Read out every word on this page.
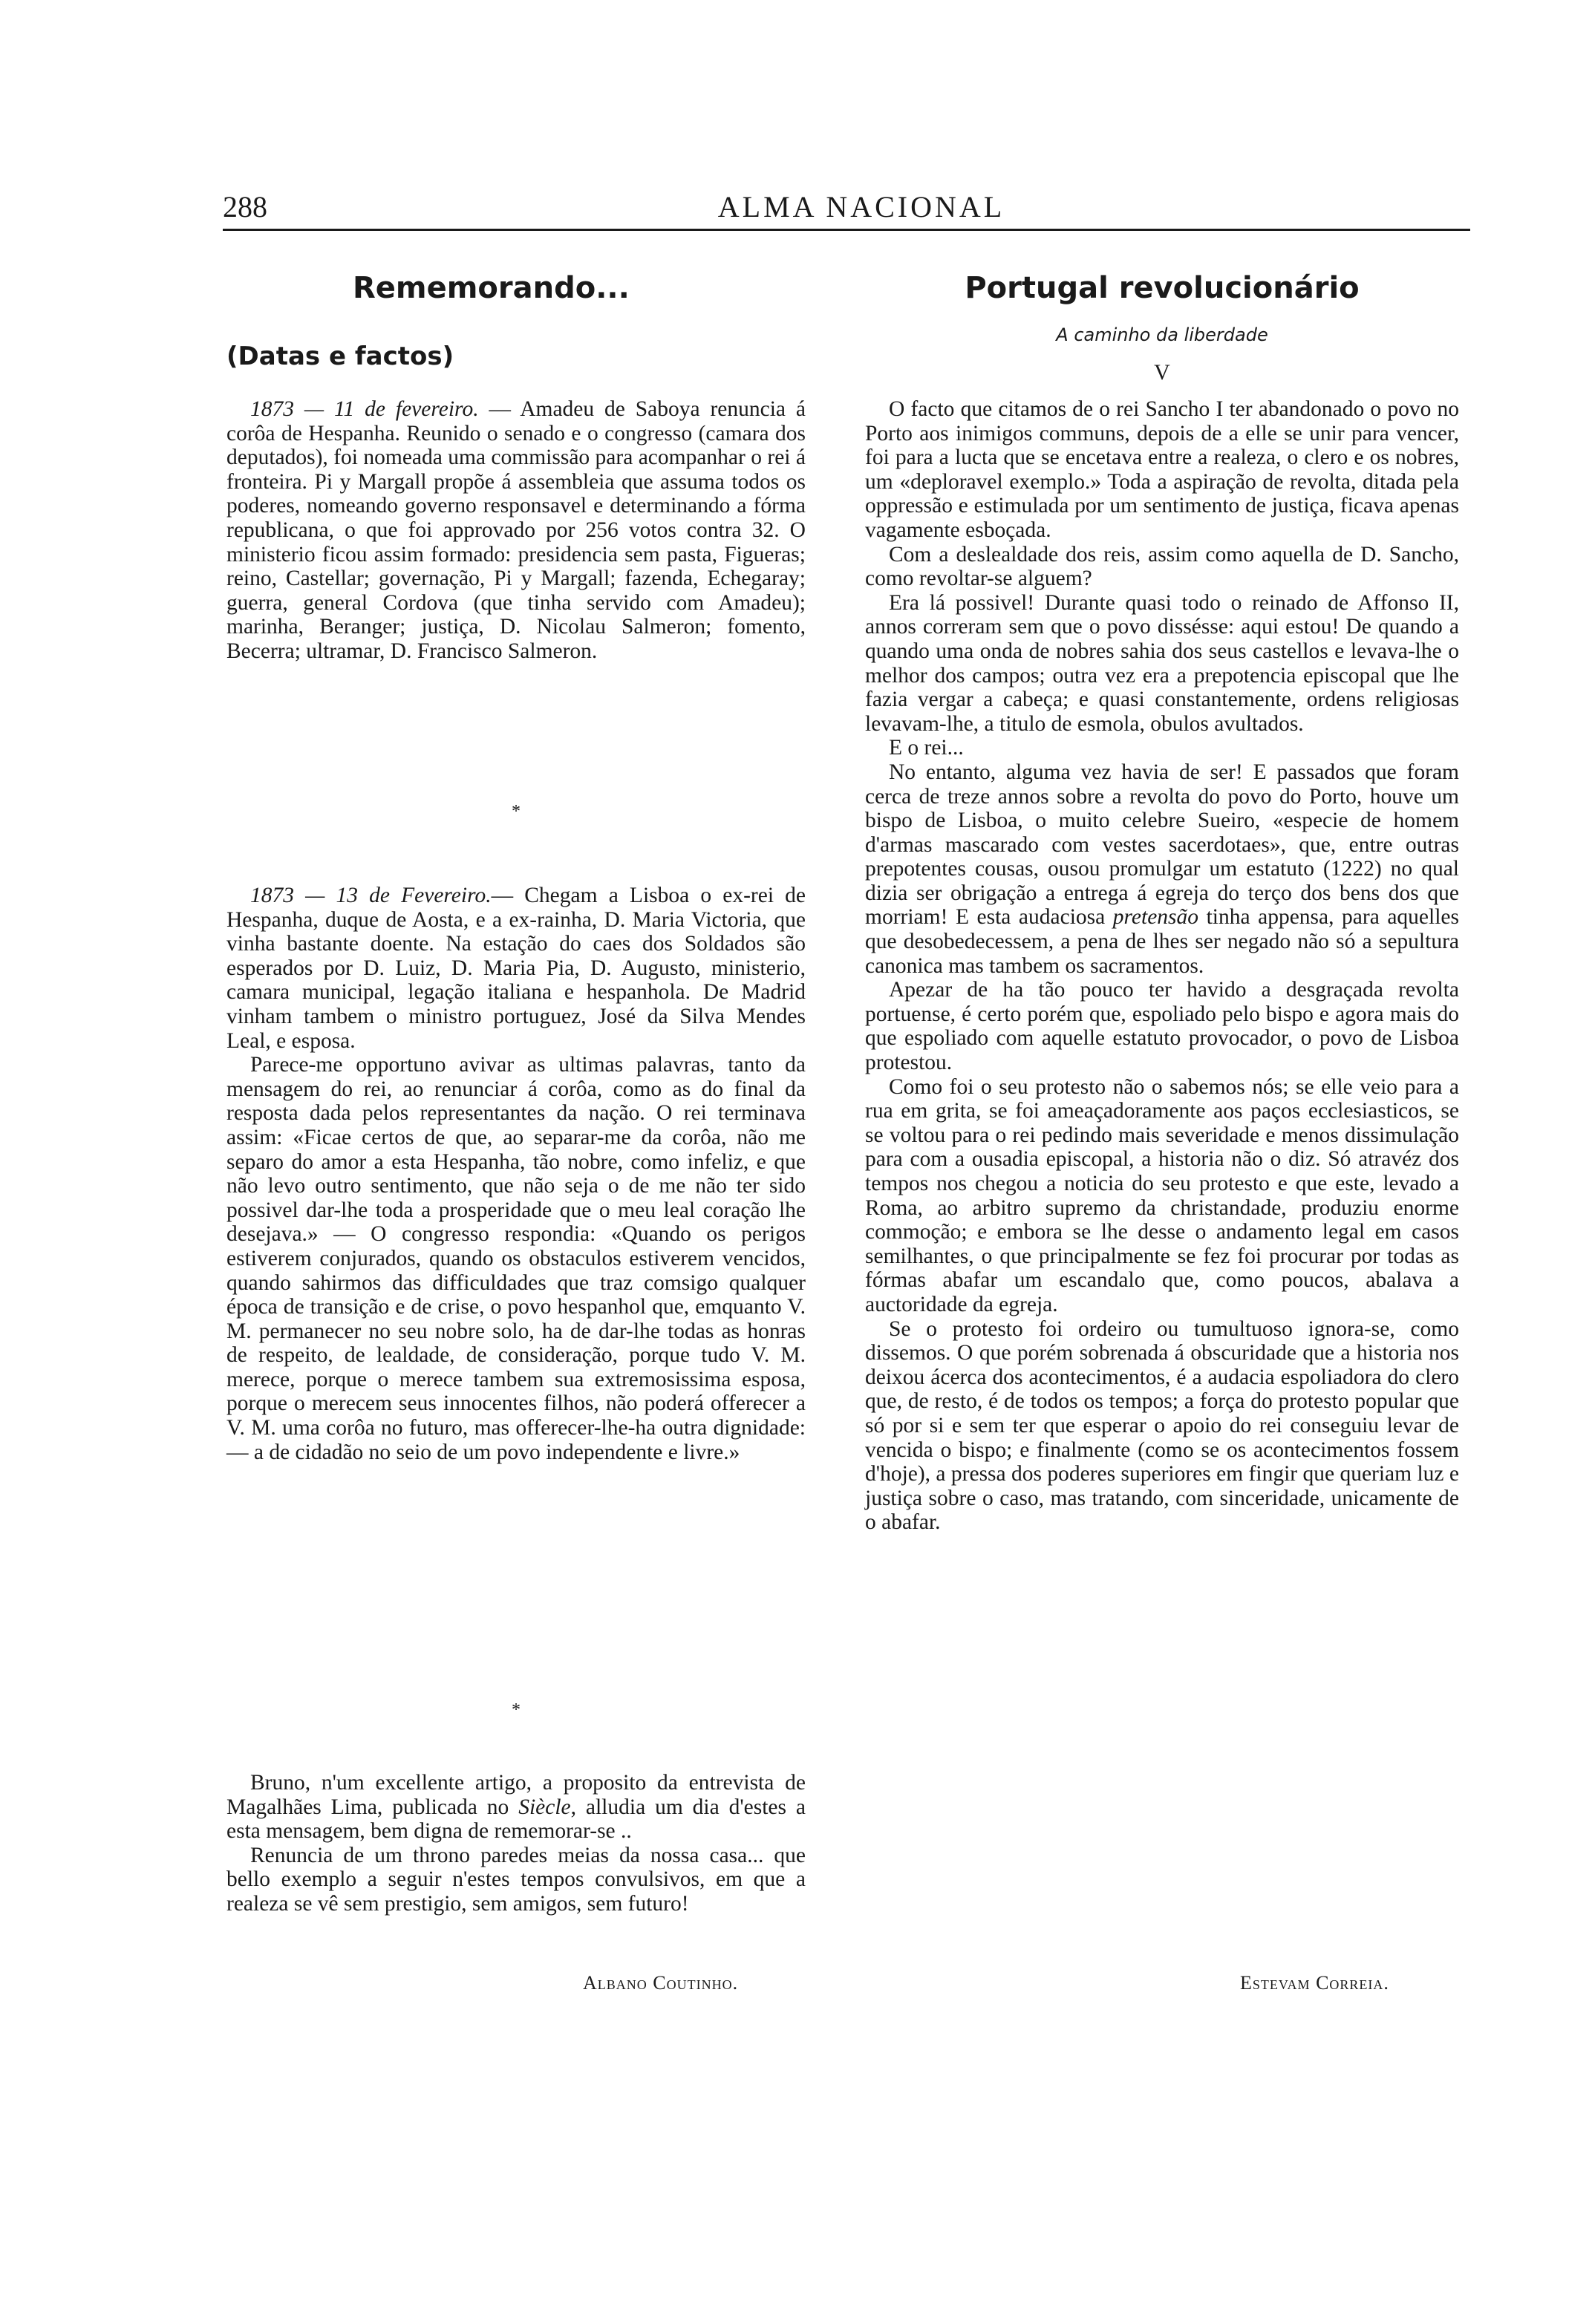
288	ALMA NACIONAL
Rememorando...
(Datas e factos)

1873 — 11 de fevereiro. — Amadeu de Saboya renuncia á corôa de Hespanha. Reunido o senado e o congresso (camara dos deputados), foi nomeada uma commissão para acompanhar o rei á fronteira. Pi y Margall propõe á assembleia que assuma todos os poderes, nomeando governo responsavel e determinando a fórma republicana, o que foi approvado por 256 votos contra 32. O ministerio ficou assim formado: presidencia sem pasta, Figueras; reino, Castellar; governação, Pi y Margall; fazenda, Echegaray; guerra, general Cordova (que tinha servido com Amadeu); marinha, Beranger; justiça, D. Nicolau Salmeron; fomento, Becerra; ultramar, D. Francisco Salmeron.

*

1873 — 13 de Fevereiro.— Chegam a Lisboa o ex-rei de Hespanha, duque de Aosta, e a ex-rainha, D. Maria Victoria, que vinha bastante doente. Na estação do caes dos Soldados são esperados por D. Luiz, D. Maria Pia, D. Augusto, ministerio, camara municipal, legação italiana e hespanhola. De Madrid vinham tambem o ministro portuguez, José da Silva Mendes Leal, e esposa.

Parece-me opportuno avivar as ultimas palavras, tanto da mensagem do rei, ao renunciar á corôa, como as do final da resposta dada pelos representantes da nação. O rei terminava assim: «Ficae certos de que, ao separar-me da corôa, não me separo do amor a esta Hespanha, tão nobre, como infeliz, e que não levo outro sentimento, que não seja o de me não ter sido possivel dar-lhe toda a prosperidade que o meu leal coração lhe desejava.» — O congresso respondia: «Quando os perigos estiverem conjurados, quando os obstaculos estiverem vencidos, quando sahirmos das difficuldades que traz comsigo qualquer época de transição e de crise, o povo hespanhol que, emquanto V. M. permanecer no seu nobre solo, ha de dar-lhe todas as honras de respeito, de lealdade, de consideração, porque tudo V. M. merece, porque o merece tambem sua extremosissima esposa, porque o merecem seus innocentes filhos, não poderá offerecer a V. M. uma corôa no futuro, mas offerecer-lhe-ha outra dignidade: — a de cidadão no seio de um povo independente e livre.»

*

Bruno, n'um excellente artigo, a proposito da entrevista de Magalhães Lima, publicada no Siècle, alludia um dia d'estes a esta mensagem, bem digna de rememorar-se ..

Renuncia de um throno paredes meias da nossa casa... que bello exemplo a seguir n'estes tempos convulsivos, em que a realeza se vê sem prestigio, sem amigos, sem futuro!

Albano Coutinho.
Portugal revolucionário
A caminho da liberdade
V

O facto que citamos de o rei Sancho I ter abandonado o povo no Porto aos inimigos communs, depois de a elle se unir para vencer, foi para a lucta que se encetava entre a realeza, o clero e os nobres, um «deploravel exemplo.» Toda a aspiração de revolta, ditada pela oppressão e estimulada por um sentimento de justiça, ficava apenas vagamente esboçada.

Com a deslealdade dos reis, assim como aquella de D. Sancho, como revoltar-se alguem?

Era lá possivel! Durante quasi todo o reinado de Affonso II, annos correram sem que o povo dissésse: aqui estou! De quando a quando uma onda de nobres sahia dos seus castellos e levava-lhe o melhor dos campos; outra vez era a prepotencia episcopal que lhe fazia vergar a cabeça; e quasi constantemente, ordens religiosas levavam-lhe, a titulo de esmola, obulos avultados.

E o rei...

No entanto, alguma vez havia de ser! E passados que foram cerca de treze annos sobre a revolta do povo do Porto, houve um bispo de Lisboa, o muito celebre Sueiro, «especie de homem d'armas mascarado com vestes sacerdotaes», que, entre outras prepotentes cousas, ousou promulgar um estatuto (1222) no qual dizia ser obrigação a entrega á egreja do terço dos bens dos que morriam! E esta audaciosa pretensão tinha appensa, para aquelles que desobedecessem, a pena de lhes ser negado não só a sepultura canonica mas tambem os sacramentos.

Apezar de ha tão pouco ter havido a desgraçada revolta portuense, é certo porém que, espoliado pelo bispo e agora mais do que espoliado com aquelle estatuto provocador, o povo de Lisboa protestou.

Como foi o seu protesto não o sabemos nós; se elle veio para a rua em grita, se foi ameaçadoramente aos paços ecclesiasticos, se se voltou para o rei pedindo mais severidade e menos dissimulação para com a ousadia episcopal, a historia não o diz. Só atravéz dos tempos nos chegou a noticia do seu protesto e que este, levado a Roma, ao arbitro supremo da christandade, produziu enorme commoção; e embora se lhe desse o andamento legal em casos semilhantes, o que principalmente se fez foi procurar por todas as fórmas abafar um escandalo que, como poucos, abalava a auctoridade da egreja.

Se o protesto foi ordeiro ou tumultuoso ignora-se, como dissemos. O que porém sobrenada á obscuridade que a historia nos deixou ácerca dos acontecimentos, é a audacia espoliadora do clero que, de resto, é de todos os tempos; a força do protesto popular que só por si e sem ter que esperar o apoio do rei conseguiu levar de vencida o bispo; e finalmente (como se os acontecimentos fossem d'hoje), a pressa dos poderes superiores em fingir que queriam luz e justiça sobre o caso, mas tratando, com sinceridade, unicamente de o abafar.

Estevam Correia.
